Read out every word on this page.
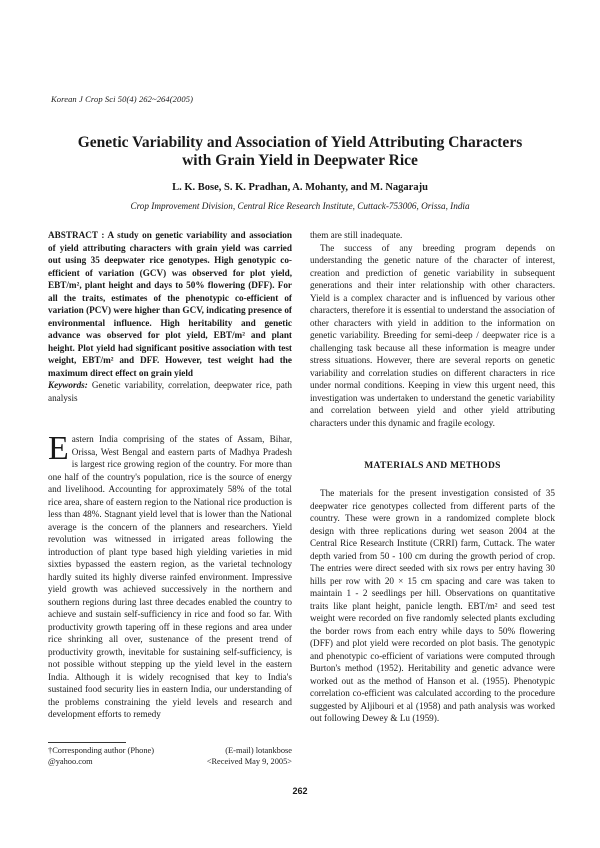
Korean J Crop Sci 50(4) 262~264(2005)
Genetic Variability and Association of Yield Attributing Characters
with Grain Yield in Deepwater Rice
L. K. Bose, S. K. Pradhan, A. Mohanty, and M. Nagaraju
Crop Improvement Division, Central Rice Research Institute, Cuttack-753006, Orissa, India
ABSTRACT : A study on genetic variability and association of yield attributing characters with grain yield was carried out using 35 deepwater rice genotypes. High genotypic co-efficient of variation (GCV) was observed for plot yield, EBT/m², plant height and days to 50% flowering (DFF). For all the traits, estimates of the phenotypic co-efficient of variation (PCV) were higher than GCV, indicating presence of environmental influence. High heritability and genetic advance was observed for plot yield, EBT/m² and plant height. Plot yield had significant positive association with test weight, EBT/m² and DFF. However, test weight had the maximum direct effect on grain yield
Keywords: Genetic variability, correlation, deepwater rice, path analysis
E astern India comprising of the states of Assam, Bihar, Orissa, West Bengal and eastern parts of Madhya Pradesh is largest rice growing region of the country. For more than one half of the country's population, rice is the source of energy and livelihood. Accounting for approximately 58% of the total rice area, share of eastern region to the National rice production is less than 48%. Stagnant yield level that is lower than the National average is the concern of the planners and researchers. Yield revolution was witnessed in irrigated areas following the introduction of plant type based high yielding varieties in mid sixties bypassed the eastern region, as the varietal technology hardly suited its highly diverse rainfed environment. Impressive yield growth was achieved successively in the northern and southern regions during last three decades enabled the country to achieve and sustain self-sufficiency in rice and food so far. With productivity growth tapering off in these regions and area under rice shrinking all over, sustenance of the present trend of productivity growth, inevitable for sustaining self-sufficiency, is not possible without stepping up the yield level in the eastern India. Although it is widely recognised that key to India's sustained food security lies in eastern India, our understanding of the problems constraining the yield levels and research and development efforts to remedy

them are still inadequate.

The success of any breeding program depends on understanding the genetic nature of the character of interest, creation and prediction of genetic variability in subsequent generations and their inter relationship with other characters. Yield is a complex character and is influenced by various other characters, therefore it is essential to understand the association of other characters with yield in addition to the information on genetic variability. Breeding for semi-deep / deepwater rice is a challenging task because all these information is meagre under stress situations. However, there are several reports on genetic variability and correlation studies on different characters in rice under normal conditions. Keeping in view this urgent need, this investigation was undertaken to understand the genetic variability and correlation between yield and other yield attributing characters under this dynamic and fragile ecology.

MATERIALS AND METHODS
The materials for the present investigation consisted of 35 deepwater rice genotypes collected from different parts of the country. These were grown in a randomized complete block design with three replications during wet season 2004 at the Central Rice Research Institute (CRRI) farm, Cuttack. The water depth varied from 50 - 100 cm during the growth period of crop. The entries were direct seeded with six rows per entry having 30 hills per row with 20 × 15 cm spacing and care was taken to maintain 1 - 2 seedlings per hill. Observations on quantitative traits like plant height, panicle length. EBT/m² and seed test weight were recorded on five randomly selected plants excluding the border rows from each entry while days to 50% flowering (DFF) and plot yield were recorded on plot basis. The genotypic and phenotypic co-efficient of variations were computed through Burton's method (1952). Heritability and genetic advance were worked out as the method of Hanson et al. (1955). Phenotypic correlation co-efficient was calculated according to the procedure suggested by Aljibouri et al (1958) and path analysis was worked out following Dewey & Lu (1959).
†Corresponding author (Phone)	(E-mail) lotankbose
@yahoo.com	<Received May 9, 2005>
262
